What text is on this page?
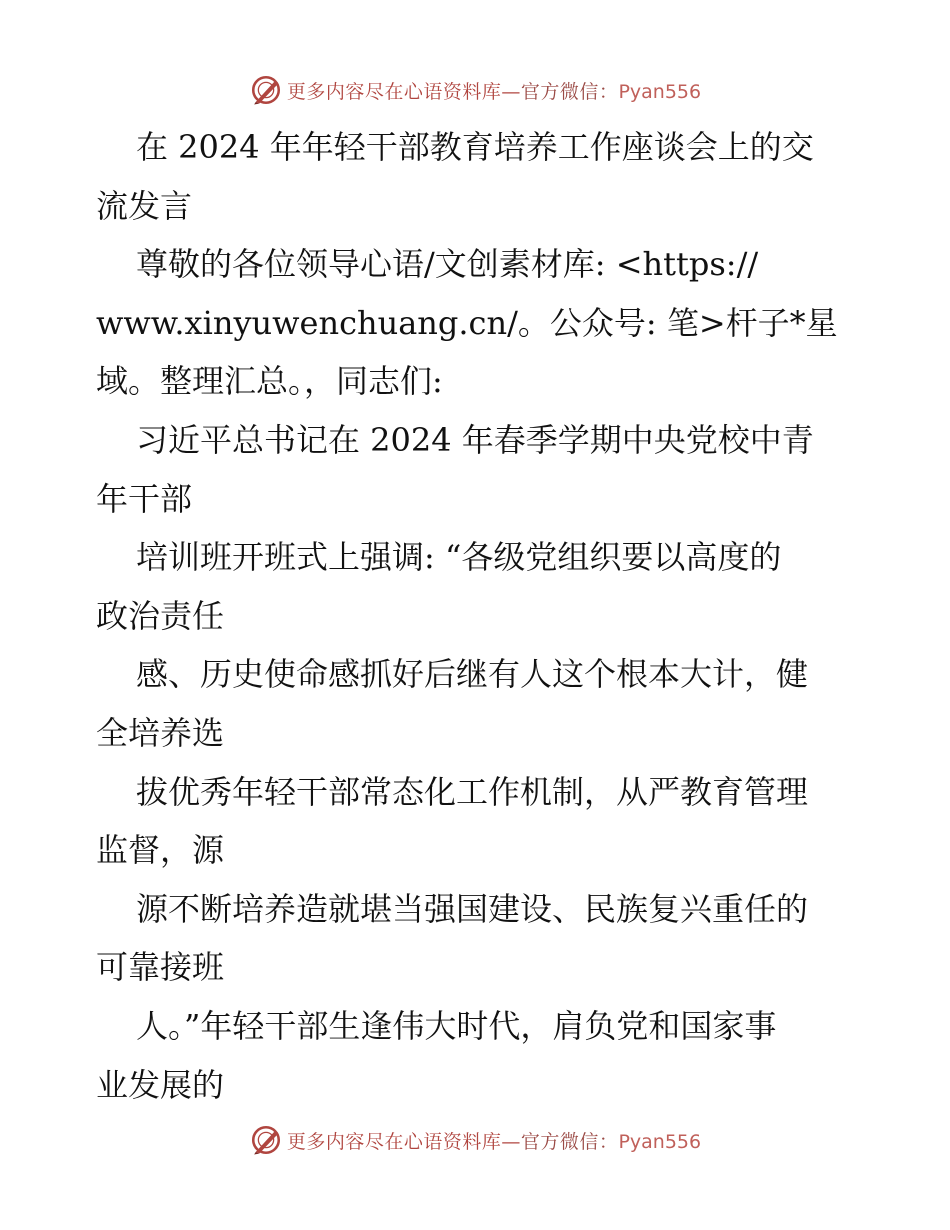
更多内容尽在心语资料库—官方微信：Pyan556
在 2024 年年轻干部教育培养工作座谈会上的交
流发言
尊敬的各位领导心语/文创素材库: <https://
www.xinyuwenchuang.cn/。公众号: 笔>杆子*星
域。整理汇总。，同志们:
习近平总书记在 2024 年春季学期中央党校中青
年干部
培训班开班式上强调: “各级党组织要以高度的
政治责任
感、历史使命感抓好后继有人这个根本大计，健
全培养选
拔优秀年轻干部常态化工作机制，从严教育管理
监督，源
源不断培养造就堪当强国建设、民族复兴重任的
可靠接班
人。”年轻干部生逢伟大时代，肩负党和国家事
业发展的
更多内容尽在心语资料库—官方微信：Pyan556
